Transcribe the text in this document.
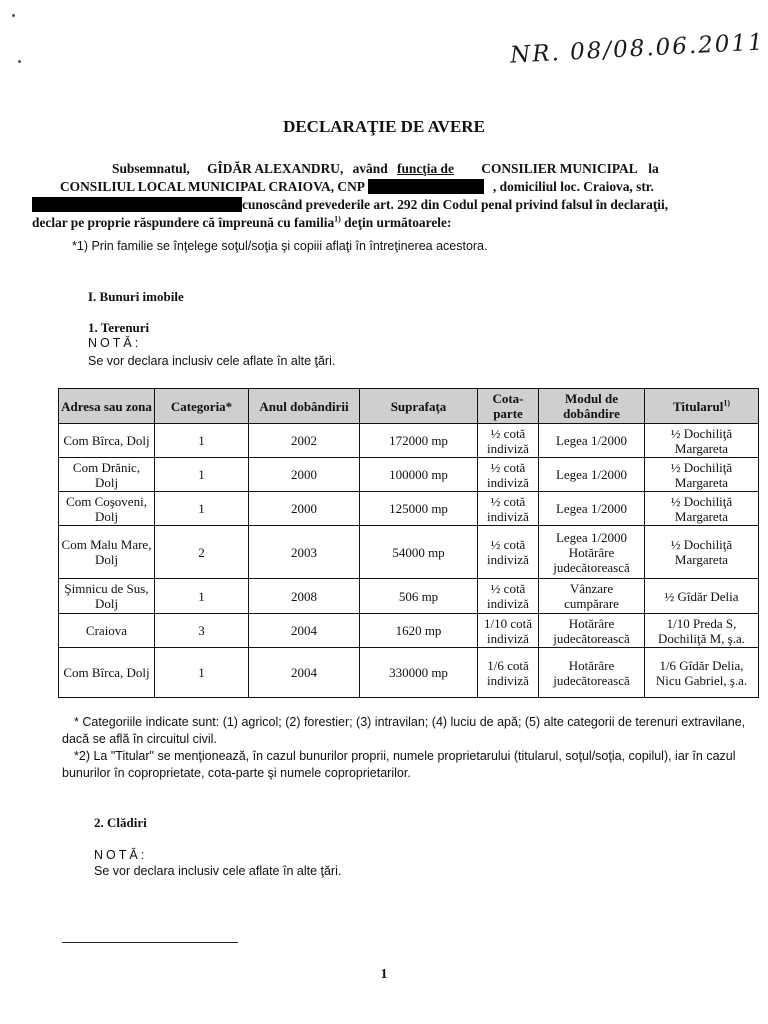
NR. 08/08.06.2011
DECLARAŢIE DE AVERE
Subsemnatul, GÎDĂR ALEXANDRU, având funcţia de CONSILIER MUNICIPAL la
CONSILIUL LOCAL MUNICIPAL CRAIOVA, CNP	, domiciliul loc. Craiova, str.
cunoscând prevederile art. 292 din Codul penal privind falsul în declaraţii,
declar pe proprie răspundere că împreună cu familia$^{1)}$ deţin următoarele:
*1) Prin familie se înţelege soţul/soţia şi copiii aflaţi în întreţinerea acestora.
I. Bunuri imobile
1. Terenuri
NOTĂ:
Se vor declara inclusiv cele aflate în alte ţări.
Adresa sau zona	Categoria*	Anul dobândirii	Suprafaţa	Cota-parte	Modul de dobândire	Titularul$^{1)}$
Com Bîrca, Dolj	1	2002	172000 mp	½ cotă indiviză	Legea 1/2000	½ Dochiliţă Margareta
Com Drănic, Dolj	1	2000	100000 mp	½ cotă indiviză	Legea 1/2000	½ Dochiliţă Margareta
Com Coşoveni, Dolj	1	2000	125000 mp	½ cotă indiviză	Legea 1/2000	½ Dochiliţă Margareta
Com Malu Mare, Dolj	2	2003	54000 mp	½ cotă indiviză	Legea 1/2000 Hotărâre judecătorească	½ Dochiliţă Margareta
Şimnicu de Sus, Dolj	1	2008	506 mp	½ cotă indiviză	Vânzare cumpărare	½ Gîdăr Delia
Craiova	3	2004	1620 mp	1/10 cotă indiviză	Hotărâre judecătorească	1/10 Preda S, Dochiliţă M, ş.a.
Com Bîrca, Dolj	1	2004	330000 mp	1/6 cotă indiviză	Hotărâre judecătorească	1/6 Gîdăr Delia, Nicu Gabriel, ş.a.
* Categoriile indicate sunt: (1) agricol; (2) forestier; (3) intravilan; (4) luciu de apă; (5) alte categorii de terenuri extravilane, dacă se află în circuitul civil.
*2) La "Titular" se menţionează, în cazul bunurilor proprii, numele proprietarului (titularul, soţul/soţia, copilul), iar în cazul bunurilor în coproprietate, cota-parte şi numele coproprietarilor.
2. Clădiri
NOTĂ:
Se vor declara inclusiv cele aflate în alte ţări.
1
